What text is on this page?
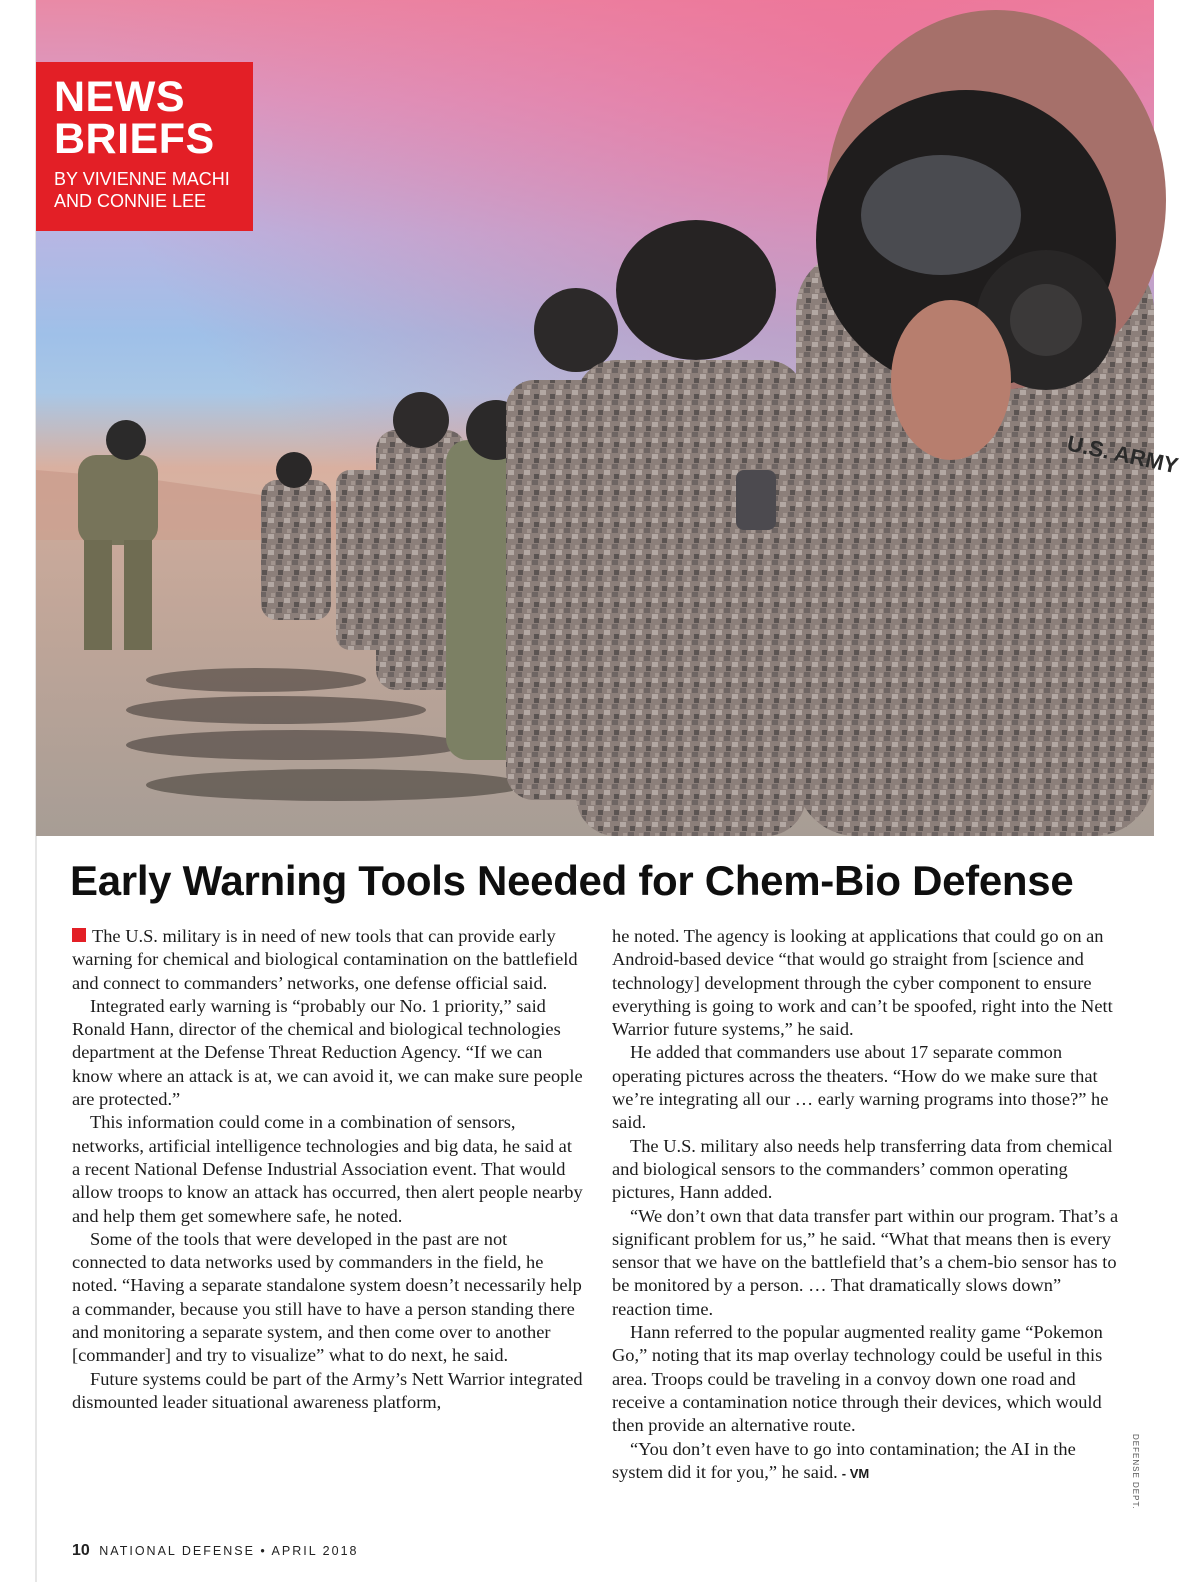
U.S. ARMY
NEWS
BRIEFS
BY VIVIENNE MACHI
AND CONNIE LEE
Early Warning Tools Needed for Chem-Bio Defense

The U.S. military is in need of new tools that can provide early warning for chemical and biological contamination on the battlefield and connect to commanders’ networks, one defense official said.

Integrated early warning is “probably our No. 1 priority,” said Ronald Hann, director of the chemical and biological technologies department at the Defense Threat Reduction Agency. “If we can know where an attack is at, we can avoid it, we can make sure people are protected.”

This information could come in a combination of sensors, networks, artificial intelligence technologies and big data, he said at a recent National Defense Industrial Association event. That would allow troops to know an attack has occurred, then alert people nearby and help them get somewhere safe, he noted.

Some of the tools that were developed in the past are not connected to data networks used by commanders in the field, he noted. “Having a separate standalone system doesn’t necessarily help a commander, because you still have to have a person standing there and monitoring a separate system, and then come over to another [commander] and try to visualize” what to do next, he said.

Future systems could be part of the Army’s Nett Warrior integrated dismounted leader situational awareness platform,

he noted. The agency is looking at applications that could go on an Android-based device “that would go straight from [science and technology] development through the cyber component to ensure everything is going to work and can’t be spoofed, right into the Nett Warrior future systems,” he said.

He added that commanders use about 17 separate common operating pictures across the theaters. “How do we make sure that we’re integrating all our … early warning programs into those?” he said.

The U.S. military also needs help transferring data from chemical and biological sensors to the commanders’ common operating pictures, Hann added.

“We don’t own that data transfer part within our program. That’s a significant problem for us,” he said. “What that means then is every sensor that we have on the battlefield that’s a chem-bio sensor has to be monitored by a person. … That dramatically slows down” reaction time.

Hann referred to the popular augmented reality game “Pokemon Go,” noting that its map overlay technology could be useful in this area. Troops could be traveling in a convoy down one road and receive a contamination notice through their devices, which would then provide an alternative route.

“You don’t even have to go into contamination; the AI in the system did it for you,” he said. - VM	DEFENSE DEPT.
10 NATIONAL DEFENSE • APRIL 2018
